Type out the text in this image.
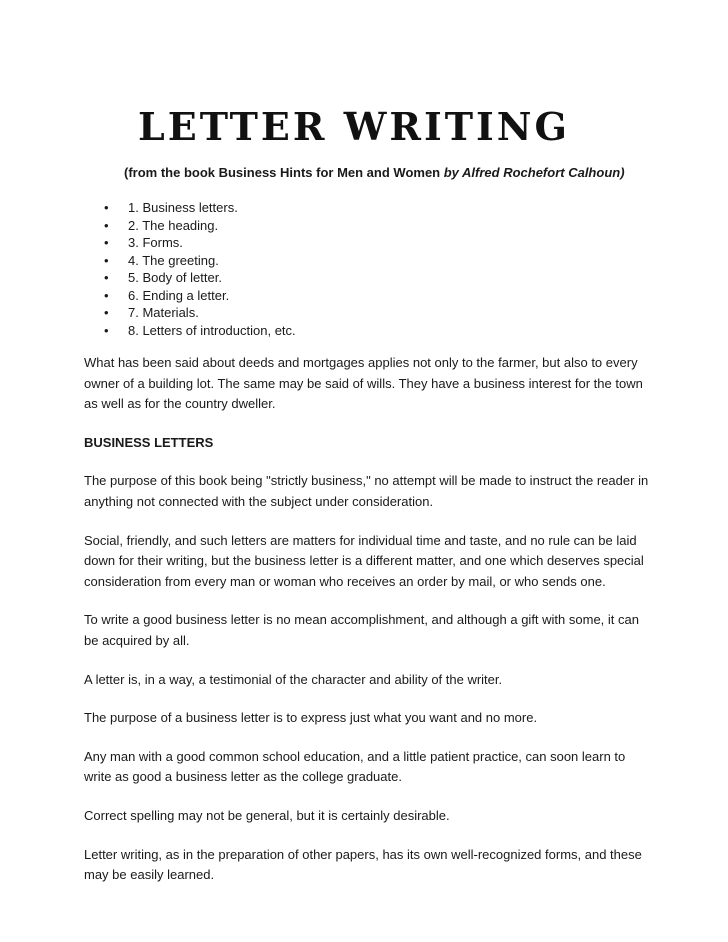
LETTER WRITING
(from the book Business Hints for Men and Women by Alfred Rochefort Calhoun)
• 1. Business letters.
• 2. The heading.
• 3. Forms.
• 4. The greeting.
• 5. Body of letter.
• 6. Ending a letter.
• 7. Materials.
• 8. Letters of introduction, etc.

What has been said about deeds and mortgages applies not only to the farmer, but also to every owner of a building lot. The same may be said of wills. They have a business interest for the town as well as for the country dweller.

BUSINESS LETTERS

The purpose of this book being "strictly business," no attempt will be made to instruct the reader in anything not connected with the subject under consideration.

Social, friendly, and such letters are matters for individual time and taste, and no rule can be laid down for their writing, but the business letter is a different matter, and one which deserves special consideration from every man or woman who receives an order by mail, or who sends one.

To write a good business letter is no mean accomplishment, and although a gift with some, it can be acquired by all.

A letter is, in a way, a testimonial of the character and ability of the writer.

The purpose of a business letter is to express just what you want and no more.

Any man with a good common school education, and a little patient practice, can soon learn to write as good a business letter as the college graduate.

Correct spelling may not be general, but it is certainly desirable.

Letter writing, as in the preparation of other papers, has its own well-recognized forms, and these may be easily learned.
